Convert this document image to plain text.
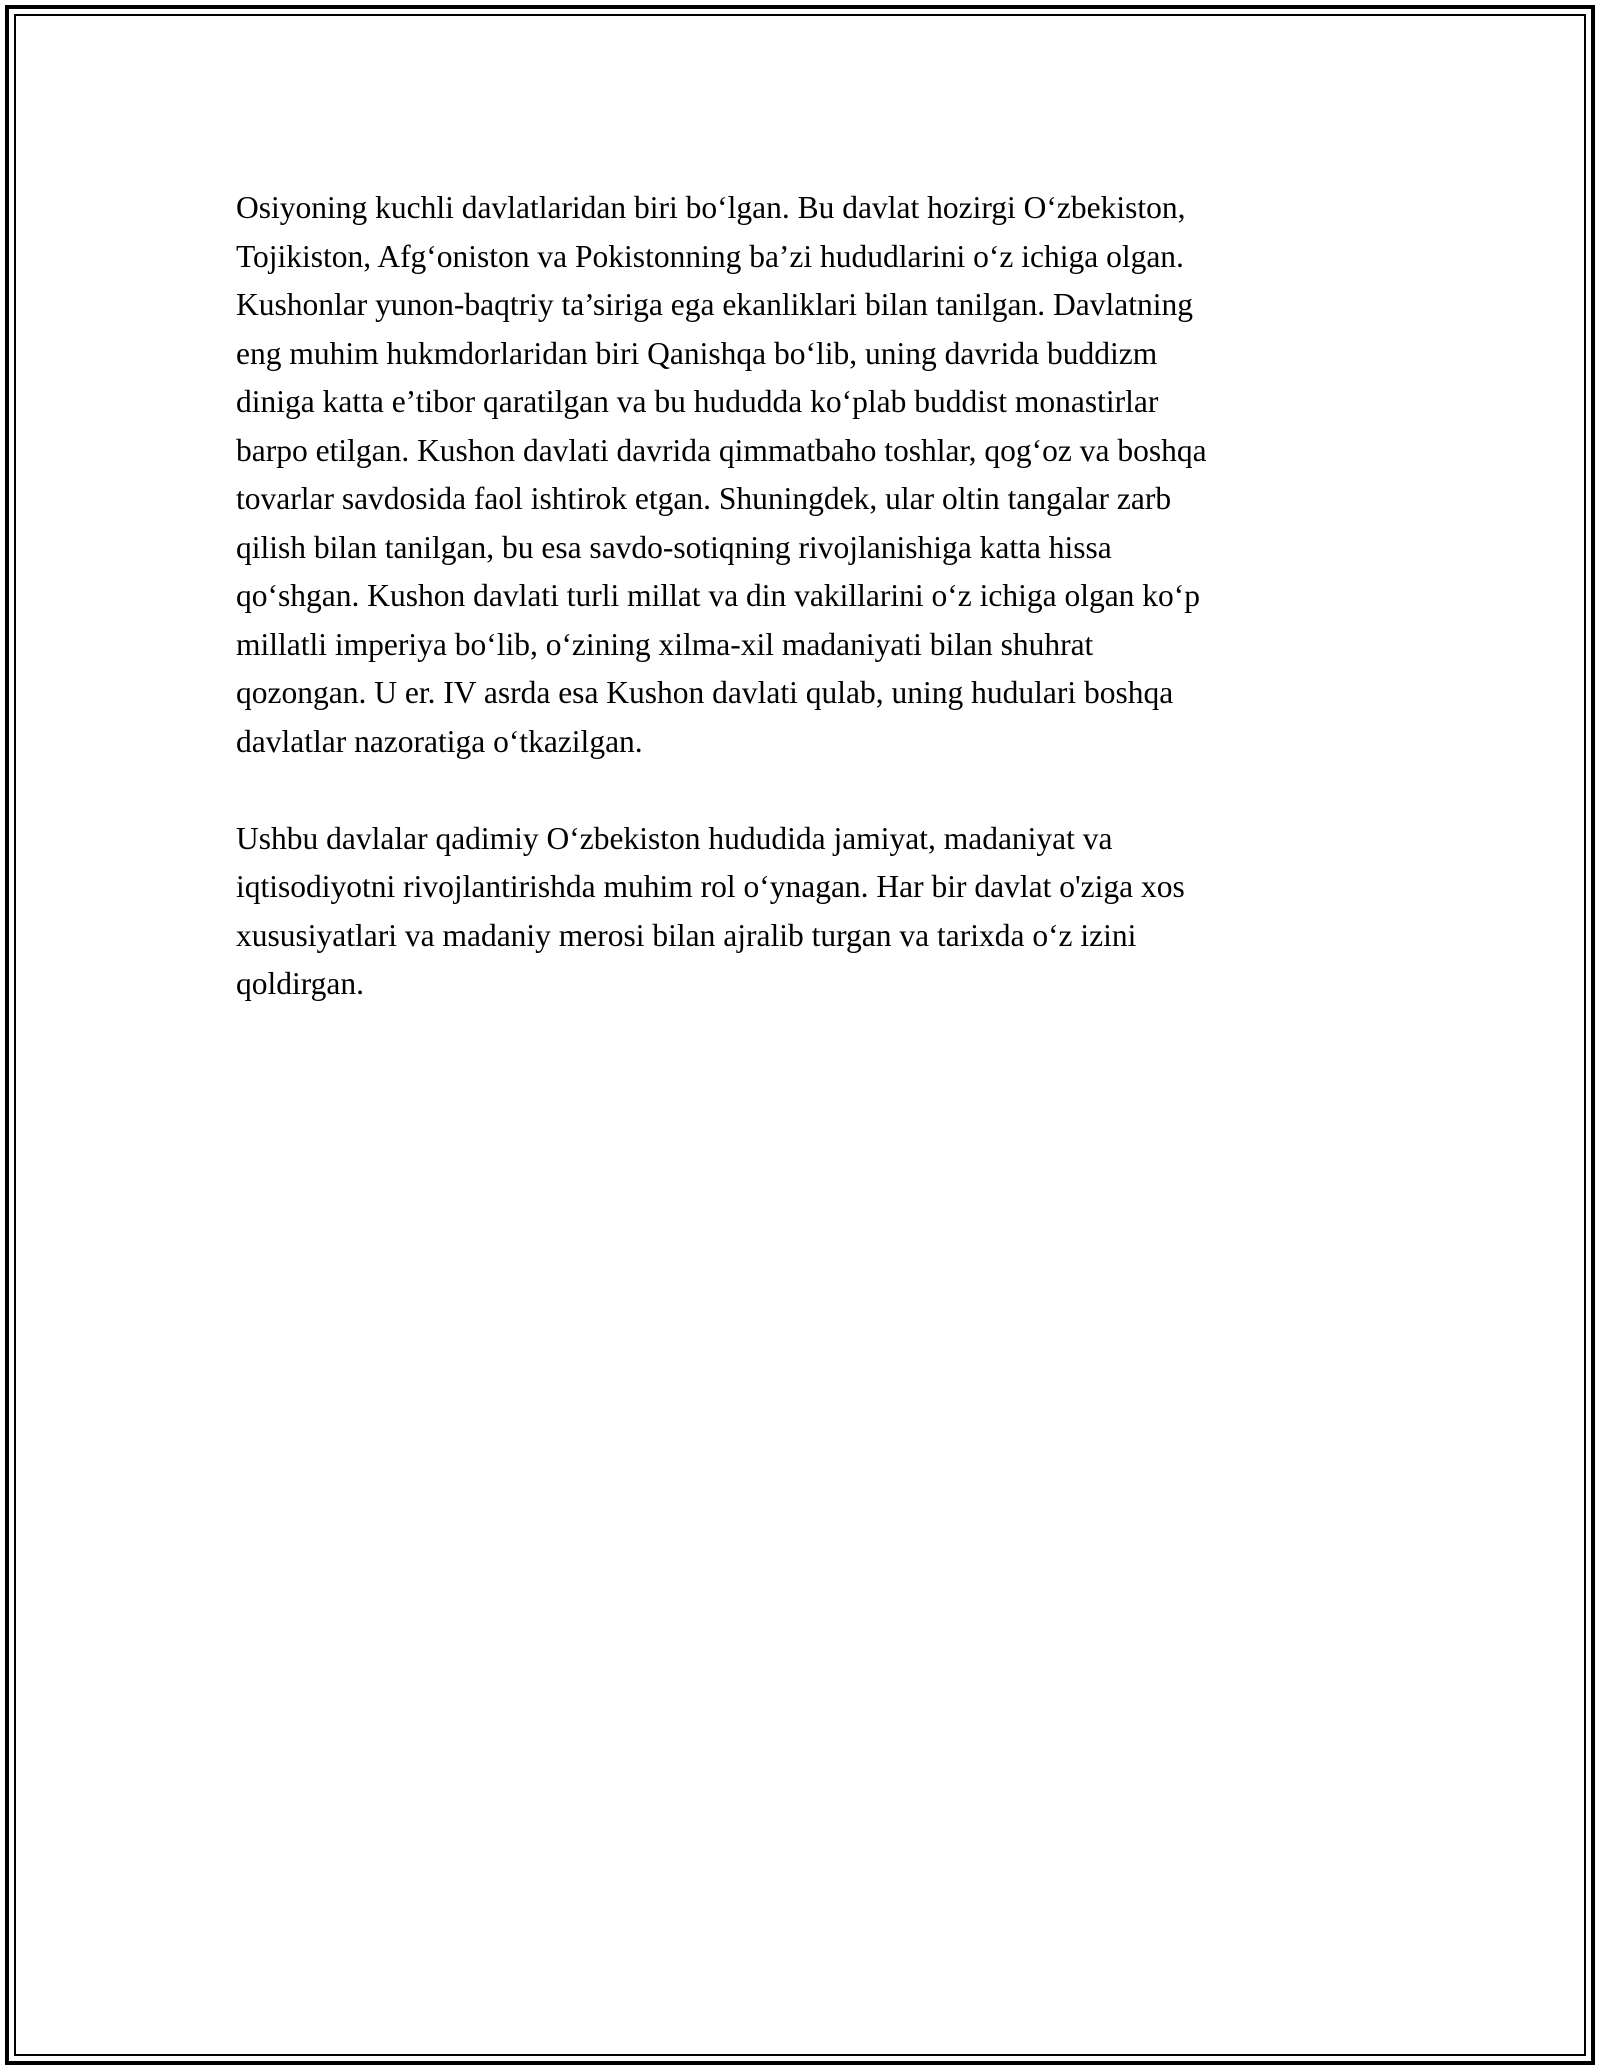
Osiyoning kuchli davlatlaridan biri bo‘lgan. Bu davlat hozirgi O‘zbekiston,
Tojikiston, Afg‘oniston va Pokistonning ba’zi hududlarini o‘z ichiga olgan.
Kushonlar yunon-baqtriy ta’siriga ega ekanliklari bilan tanilgan. Davlatning
eng muhim hukmdorlaridan biri Qanishqa bo‘lib, uning davrida buddizm
diniga katta e’tibor qaratilgan va bu hududda ko‘plab buddist monastirlar
barpo etilgan. Kushon davlati davrida qimmatbaho toshlar, qog‘oz va boshqa
tovarlar savdosida faol ishtirok etgan. Shuningdek, ular oltin tangalar zarb
qilish bilan tanilgan, bu esa savdo-sotiqning rivojlanishiga katta hissa
qo‘shgan. Kushon davlati turli millat va din vakillarini o‘z ichiga olgan ko‘p
millatli imperiya bo‘lib, o‘zining xilma-xil madaniyati bilan shuhrat
qozongan. U er. IV asrda esa Kushon davlati qulab, uning hudulari boshqa
davlatlar nazoratiga o‘tkazilgan.

Ushbu davlalar qadimiy O‘zbekiston hududida jamiyat, madaniyat va
iqtisodiyotni rivojlantirishda muhim rol o‘ynagan. Har bir davlat o'ziga xos
xususiyatlari va madaniy merosi bilan ajralib turgan va tarixda o‘z izini
qoldirgan.
